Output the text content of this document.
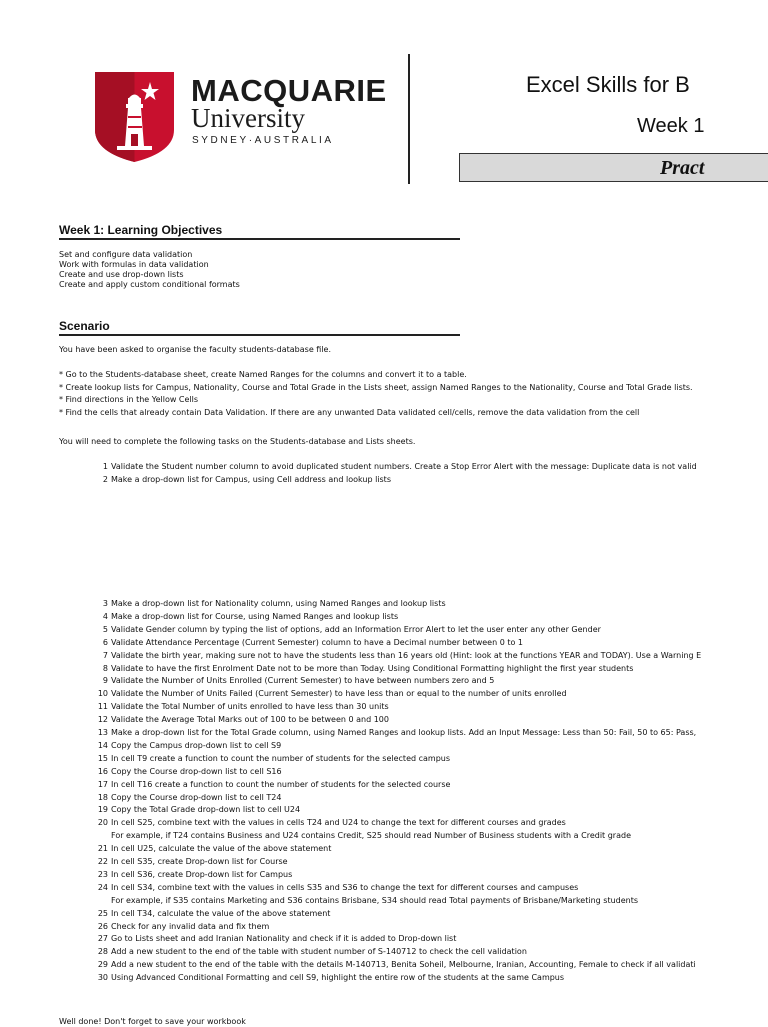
MACQUARIE
University
SYDNEY·AUSTRALIA
Excel Skills for B
Week 1
Pract
Week 1: Learning Objectives
Set and configure data validation
Work with formulas in data validation
Create and use drop-down lists
Create and apply custom conditional formats
Scenario
You have been asked to organise the faculty students-database file.
* Go to the Students-database sheet, create Named Ranges for the columns and convert it to a table.
* Create lookup lists for Campus, Nationality, Course and Total Grade in the Lists sheet, assign Named Ranges to the Nationality, Course and Total Grade lists.
* Find directions in the Yellow Cells
* Find the cells that already contain Data Validation. If there are any unwanted Data validated cell/cells, remove the data validation from the cell
You will need to complete the following tasks on the Students-database and Lists sheets.
1 Validate the Student number column to avoid duplicated student numbers. Create a Stop Error Alert with the message: Duplicate data is not valid
2 Make a drop-down list for Campus, using Cell address and lookup lists
3 Make a drop-down list for Nationality column, using Named Ranges and lookup lists
4 Make a drop-down list for Course, using Named Ranges and lookup lists
5 Validate Gender column by typing the list of options, add an Information Error Alert to let the user enter any other Gender
6 Validate Attendance Percentage (Current Semester) column to have a Decimal number between 0 to 1
7 Validate the birth year, making sure not to have the students less than 16 years old (Hint: look at the functions YEAR and TODAY). Use a Warning E
8 Validate to have the first Enrolment Date not to be more than Today. Using Conditional Formatting highlight the first year students
9 Validate the Number of Units Enrolled (Current Semester) to have between numbers zero and 5
10 Validate the Number of Units Failed (Current Semester) to have less than or equal to the number of units enrolled
11 Validate the Total Number of units enrolled to have less than 30 units
12 Validate the Average Total Marks out of 100 to be between 0 and 100
13 Make a drop-down list for the Total Grade column, using Named Ranges and lookup lists. Add an Input Message: Less than 50: Fail, 50 to 65: Pass,
14 Copy the Campus drop-down list to cell S9
15 In cell T9 create a function to count the number of students for the selected campus
16 Copy the Course drop-down list to cell S16
17 In cell T16 create a function to count the number of students for the selected course
18 Copy the Course drop-down list to cell T24
19 Copy the Total Grade drop-down list to cell U24
20 In cell S25, combine text with the values in cells T24 and U24 to change the text for different courses and grades
For example, if T24 contains Business and U24 contains Credit, S25 should read Number of Business students with a Credit grade
21 In cell U25, calculate the value of the above statement
22 In cell S35, create Drop-down list for Course
23 In cell S36, create Drop-down list for Campus
24 In cell S34, combine text with the values in cells S35 and S36 to change the text for different courses and campuses
For example, if S35 contains Marketing and S36 contains Brisbane, S34 should read Total payments of Brisbane/Marketing students
25 In cell T34, calculate the value of the above statement
26 Check for any invalid data and fix them
27 Go to Lists sheet and add Iranian Nationality and check if it is added to Drop-down list
28 Add a new student to the end of the table with student number of S-140712 to check the cell validation
29 Add a new student to the end of the table with the details M-140713, Benita Soheil, Melbourne, Iranian, Accounting, Female to check if all validati
30 Using Advanced Conditional Formatting and cell S9, highlight the entire row of the students at the same Campus
Well done! Don't forget to save your workbook
